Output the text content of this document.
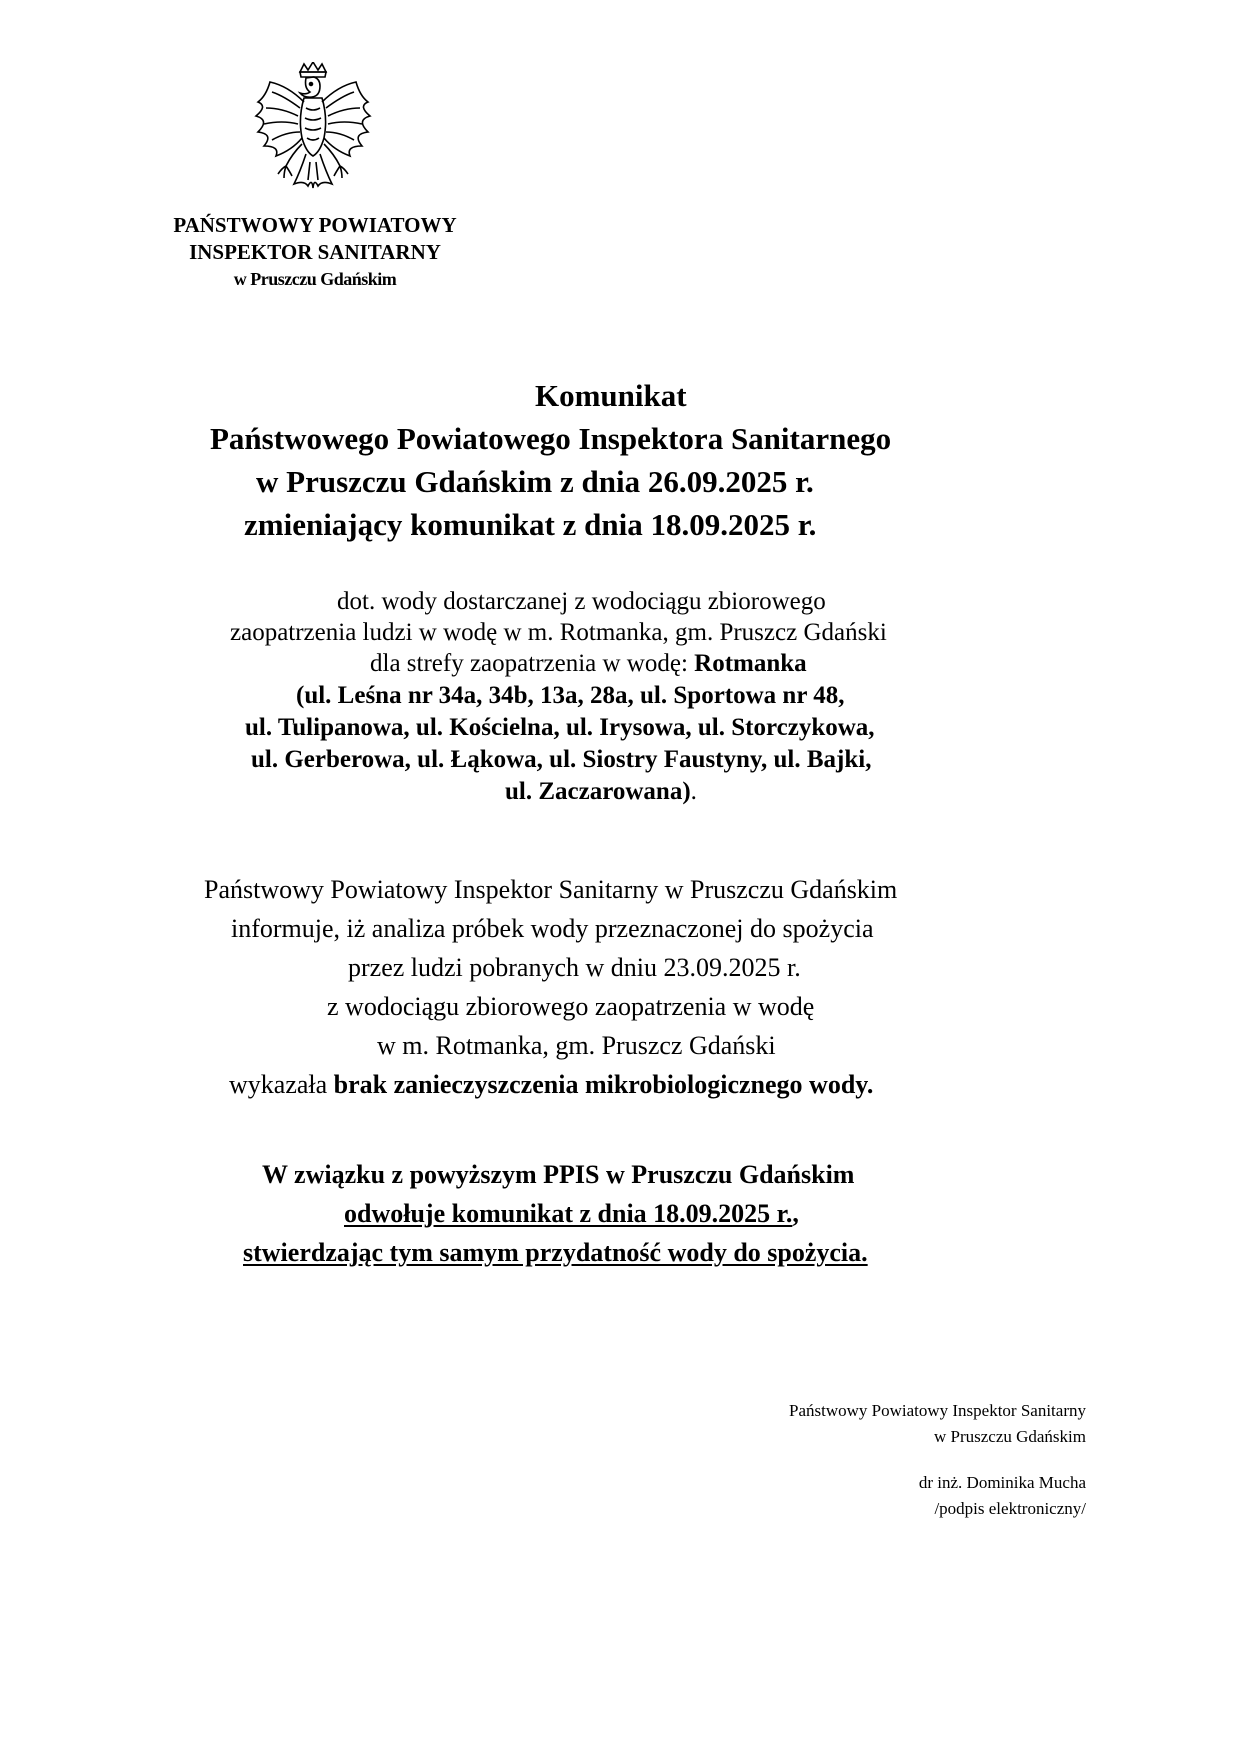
PAŃSTWOWY POWIATOWY
INSPEKTOR SANITARNY
w Pruszczu Gdańskim
Komunikat
Państwowego Powiatowego Inspektora Sanitarnego
w Pruszczu Gdańskim z dnia 26.09.2025 r.
zmieniający komunikat z dnia 18.09.2025 r.
dot. wody dostarczanej z wodociągu zbiorowego
zaopatrzenia ludzi w wodę w m. Rotmanka, gm. Pruszcz Gdański
dla strefy zaopatrzenia w wodę: Rotmanka
(ul. Leśna nr 34a, 34b, 13a, 28a, ul. Sportowa nr 48,
ul. Tulipanowa, ul. Kościelna, ul. Irysowa, ul. Storczykowa,
ul. Gerberowa, ul. Łąkowa, ul. Siostry Faustyny, ul. Bajki,
ul. Zaczarowana).
Państwowy Powiatowy Inspektor Sanitarny w Pruszczu Gdańskim
informuje, iż analiza próbek wody przeznaczonej do spożycia
przez ludzi pobranych w dniu 23.09.2025 r.
z wodociągu zbiorowego zaopatrzenia w wodę
w m. Rotmanka, gm. Pruszcz Gdański
wykazała brak zanieczyszczenia mikrobiologicznego wody.
W związku z powyższym PPIS w Pruszczu Gdańskim
odwołuje komunikat z dnia 18.09.2025 r.,
stwierdzając tym samym przydatność wody do spożycia.
Państwowy Powiatowy Inspektor Sanitarny
w Pruszczu Gdańskim
dr inż. Dominika Mucha
/podpis elektroniczny/
